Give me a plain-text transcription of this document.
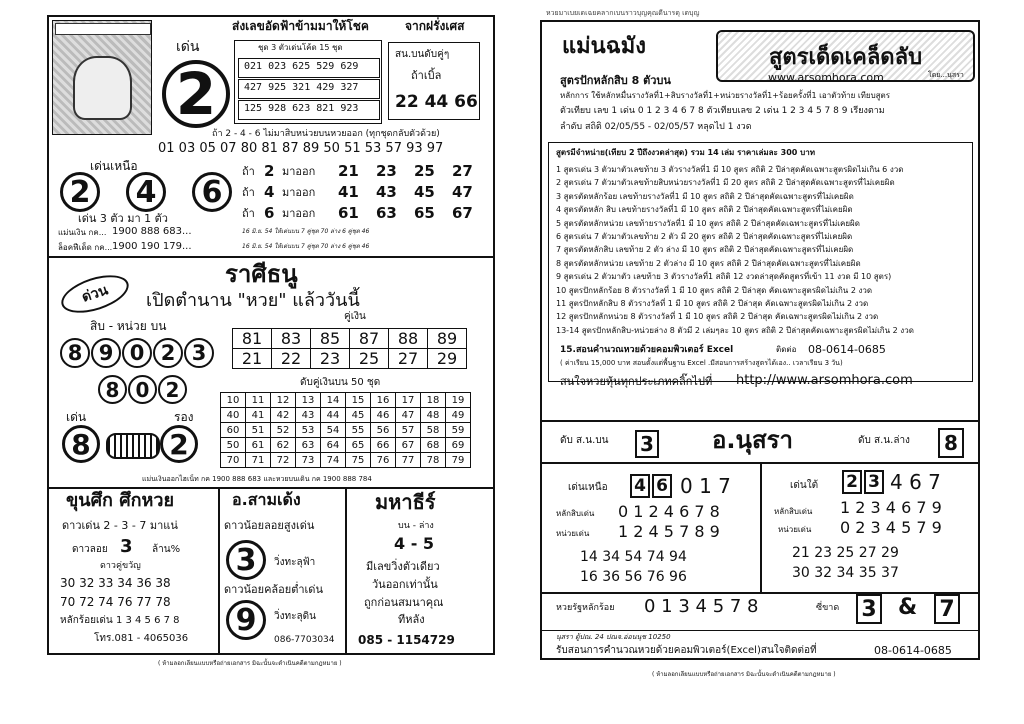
ส่งเลขอัดฟ้าข้ามมาให้โชค	จากฝรั่งเศส
เด่น
2
ชุด 3 ตัวเด่นโค้ด 15 ชุด
021 023 625 529 629
427 925 321 429 327
125 928 623 821 923
สน.บนดับคู่ๆ
ถ้าเบิ้ล
22 44 66
ถ้า 2 - 4 - 6 ไม่มาสิบหน่วยบนหวยออก (ทุกชุดกลับตัวด้วย)
01 03 05 07 80 81 87 89 50 51 53 57 93 97
เด่นเหนือ
2 4 6
ถ้า 2 มาออก 21 23 25 27
ถ้า 4 มาออก 41 43 45 47
ถ้า 6 มาออก 61 63 65 67
เด่น 3 ตัว มา 1 ตัว
แม่นเงิน กค... 1900 888 683...
ล็อคฟีเด็ด กค... 1900 190 179...
16 มิ.ย. 54 ให้เด่นบน 7 คู่ชุด 70 ล่าง 6 คู่ชุด 46
16 มิ.ย. 54 ให้เด่นบน 7 คู่ชุด 70 ล่าง 6 คู่ชุด 46
ด่วน
ราศีธนู
เปิดตำนาน "หวย" แล้ววันนี้
สิบ - หน่วย บน
8 9 0 2 3
คู่เงิน
81	83	85	87	88	89
21	22	23	25	27	29
8 0 2	ดับคู่เงินบน 50 ชุด
เด่น	รอง
8	2
10	11	12	13	14	15	16	17	18	19
40	41	42	43	44	45	46	47	48	49
60	51	52	53	54	55	56	57	58	59
50	61	62	63	64	65	66	67	68	69
70	71	72	73	74	75	76	77	78	79
แม่นเงินออกไฮเน็ท กค 1900 888 683 และหวยบนเดิน กค 1900 888 784
ขุนศึก ศึกหวย
ดาวเด่น 2 - 3 - 7 มาแน่
ดาวลอย 3 ล้าน%
ดาวคู่ขวัญ
30 32 33 34 36 38
70 72 74 76 77 78
หลักร้อยเด่น 1 3 4 5 6 7 8
โทร.081 - 4065036
อ.สามเด้ง
ดาวน้อยลอยสูงเด่น
3 วิ่งทะลุฟ้า
ดาวน้อยคล้อยต่ำเด่น
9 วิ่งทะลุดิน
086-7703034
มหาธีร์
บน - ล่าง
4 - 5
มีเลขวิ่งตัวเดียว
วันออกเท่านั้น
ถูกก่อนสมนาคุณ
ทีหลัง
085 - 1154729
( ห้ามลอกเลียนแบบหรือถ่ายเอกสาร มิฉะนั้นจะดำเนินคดีตามกฎหมาย )
หวยมาเบยเดเฉยคลากเบนราวบุญคุณดีนารดุ เดบุญ
แม่นฉมัง	สูตรเด็ดเคล็ดลับ
โดย...นุสรา
www.arsomhora.com
สูตรปักหลักสิบ 8 ตัวบน
หลักการ ใช้หลักหมื่นรางวัลที่1+สิบรางวัลที่1+หน่วยรางวัลที่1+ร้อยครั้งที่1 เอาตัวท้าย เทียบสูตร
ตัวเทียบ เลข 1 เด่น 0 1 2 3 4 6 7 8 ตัวเทียบเลข 2 เด่น 1 2 3 4 5 7 8 9 เรียงตาม
ลำดับ สถิติ 02/05/55 - 02/05/57 หลุดไป 1 งวด
สูตรมีจำหน่าย(เทียบ 2 ปีถึงงวดล่าสุด) รวม 14 เล่ม ราคาเล่มละ 300 บาท
1 สูตรเด่น 3 ตัวมาตัวเลขท้าย 3 ตัวรางวัลที่1 มี 10 สูตร สถิติ 2 ปีล่าสุดคัดเฉพาะสูตรผิดไม่เกิน 6 งวด
2 สูตรเด่น 7 ตัวมาตัวเลขท้ายสิบหน่วยรางวัลที่1 มี 20 สูตร สถิติ 2 ปีล่าสุดคัดเฉพาะสูตรที่ไม่เคยผิด
3 สูตรตัดหลักร้อย เลขท้ายรางวัลที่1 มี 10 สูตร สถิติ 2 ปีล่าสุดคัดเฉพาะสูตรที่ไม่เคยผิด
4 สูตรตัดหลัก สิบ เลขท้ายรางวัลที่1 มี 10 สูตร สถิติ 2 ปีล่าสุดคัดเฉพาะสูตรที่ไม่เคยผิด
5 สูตรตัดหลักหน่วย เลขท้ายรางวัลที่1 มี 10 สูตร สถิติ 2 ปีล่าสุดคัดเฉพาะสูตรที่ไม่เคยผิด
6 สูตรเด่น 7 ตัวมาตัวเลขท้าย 2 ตัว มี 20 สูตร สถิติ 2 ปีล่าสุดคัดเฉพาะสูตรที่ไม่เคยผิด
7 สูตรตัดหลักสิบ เลขท้าย 2 ตัว ล่าง มี 10 สูตร สถิติ 2 ปีล่าสุดคัดเฉพาะสูตรที่ไม่เคยผิด
8 สูตรตัดหลักหน่วย เลขท้าย 2 ตัวล่าง มี 10 สูตร สถิติ 2 ปีล่าสุดคัดเฉพาะสูตรที่ไม่เคยผิด
9 สูตรเด่น 2 ตัวมาตัว เลขท้าย 3 ตัวรางวัลที่1 สถิติ 12 งวดล่าสุดคัดสูตรที่เข้า 11 งวด มี 10 สูตร)
10 สูตรปักหลักร้อย 8 ตัวรางวัลที่ 1 มี 10 สูตร สถิติ 2 ปีล่าสุด คัดเฉพาะสูตรผิดไม่เกิน 2 งวด
11 สูตรปักหลักสิบ 8 ตัวรางวัลที่ 1 มี 10 สูตร สถิติ 2 ปีล่าสุด คัดเฉพาะสูตรผิดไม่เกิน 2 งวด
12 สูตรปักหลักหน่วย 8 ตัวรางวัลที่ 1 มี 10 สูตร สถิติ 2 ปีล่าสุด คัดเฉพาะสูตรผิดไม่เกิน 2 งวด
13-14 สูตรปักหลักสิบ-หน่วยล่าง 8 ตัวมี 2 เล่มๆละ 10 สูตร สถิติ 2 ปีล่าสุดคัดเฉพาะสูตรผิดไม่เกิน 2 งวด
15.สอนคำนวณหวยด้วยคอมพิวเตอร์ Excel	ติดต่อ 08-0614-0685
( ค่าเรียน 15,000 บาท สอนตั้งแต่พื้นฐาน Excel .มีสอนการสร้างสูตรได้เอง.. เวลาเรียน 3 วัน)
สนใจหวยหุ้นทุกประเภทคลิ๊กไปที่ http://www.arsomhora.com
ดับ ส.น.บน 3 อ.นุสรา	ดับ ส.น.ล่าง 8
เด่นเหนือ 4 6 0 1 7
หลักสิบเด่น 0 1 2 4 6 7 8
หน่วยเด่น 1 2 4 5 7 8 9
14 34 54 74 94
16 36 56 76 96
เด่นใต้ 2 3 4 6 7
หลักสิบเด่น 1 2 3 4 6 7 9
หน่วยเด่น 0 2 3 4 5 7 9
21 23 25 27 29
30 32 34 35 37
หวยรัฐหลักร้อย 0 1 3 4 5 7 8	ซี่ขาด 3 & 7
นุสรา ตู้ปณ. 24 ปณจ.อ่อนนุช 10250
รับสอนการคำนวณหวยด้วยคอมพิวเตอร์(Excel)สนใจติดต่อที่	08-0614-0685
( ห้ามลอกเลียนแบบหรือถ่ายเอกสาร มิฉะนั้นจะดำเนินคดีตามกฎหมาย )
